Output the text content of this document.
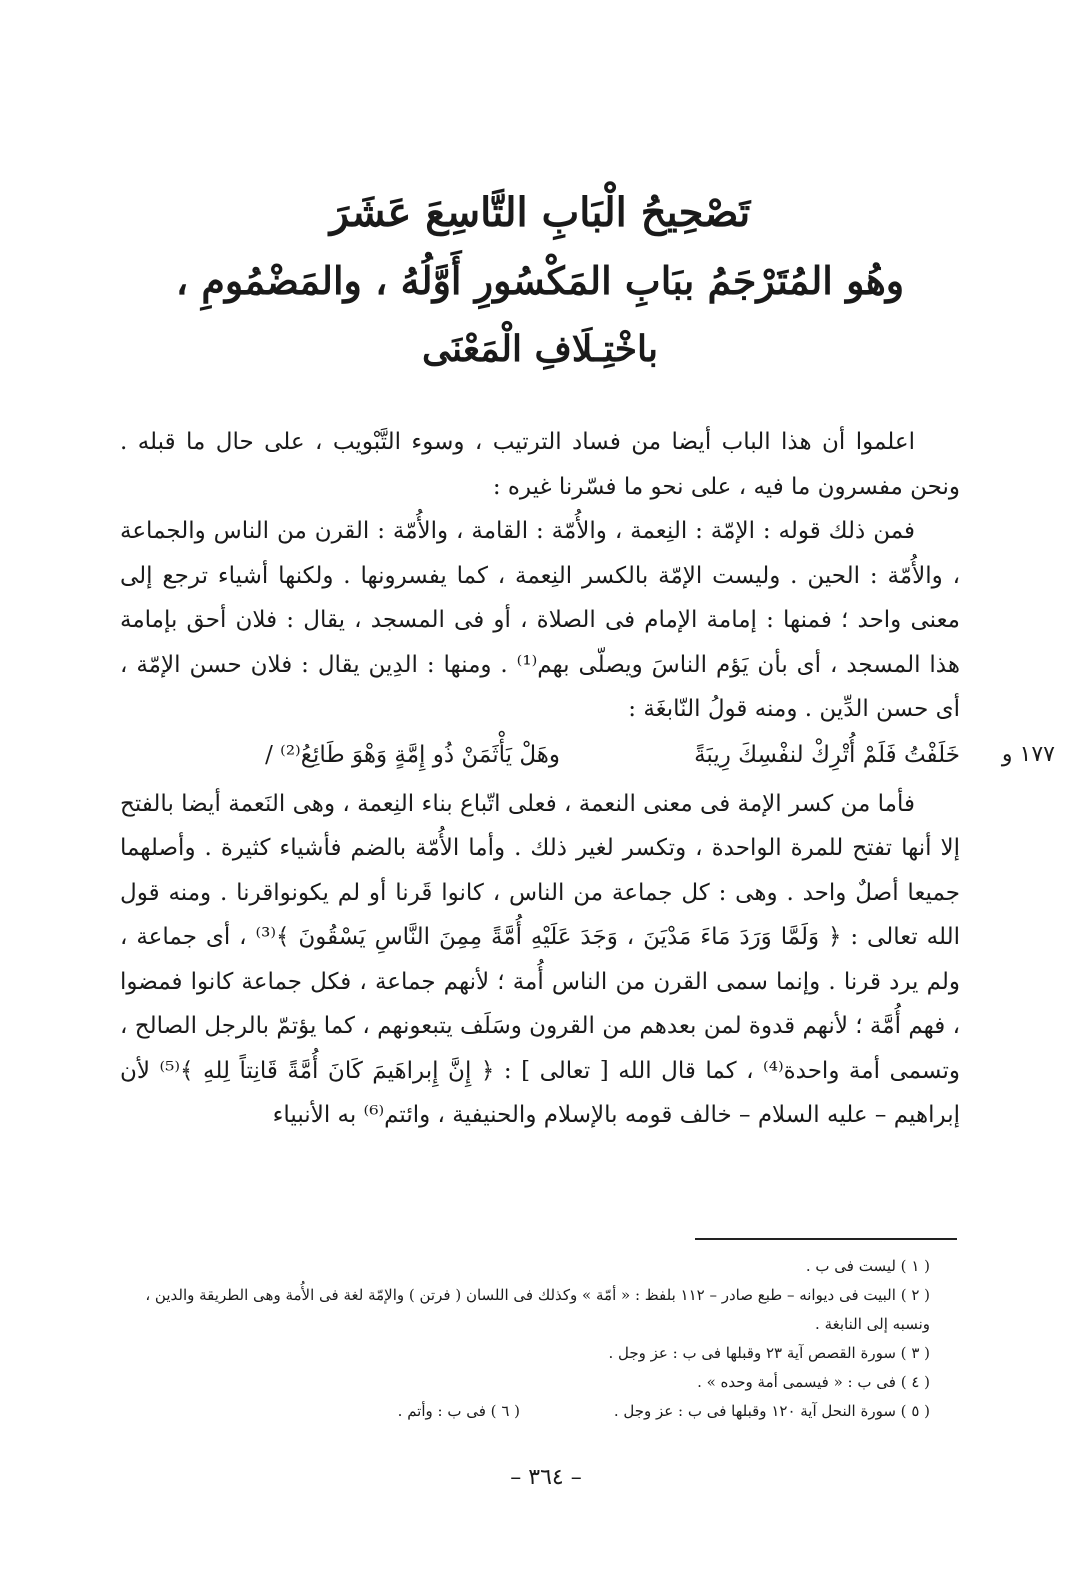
تَصْحِيحُ الْبَابِ التَّاسِعَ عَشَرَ

وهُو المُتَرْجَمُ ببَابِ المَكْسُورِ أَوَّلُهُ ، والمَضْمُومِ ،

باخْتِـلَافِ الْمَعْنَى

اعلموا أن هذا الباب أيضا من فساد الترتيب ، وسوء التَّبْويب ، على حال ما قبله . ونحن مفسرون ما فيه ، على نحو ما فسّرنا غيره :

فمن ذلك قوله : الإمّة : النِعمة ، والأُمّة : القامة ، والأُمّة : القرن من الناس والجماعة ، والأُمّة : الحين . وليست الإمّة بالكسر النِعمة ، كما يفسرونها . ولكنها أشياء ترجع إلى معنى واحد ؛ فمنها : إمامة الإمام فى الصلاة ، أو فى المسجد ، يقال : فلان أحق بإمامة هذا المسجد ، أى بأن يَؤم الناسَ ويصلّى بهم⁽¹⁾ . ومنها : الدِين يقال : فلان حسن الإمّة ، أى حسن الدِّين . ومنه قولُ النّابغَة :

خَلَفْتُ فَلَمْ أُتْرِكْ لنفْسِكَ رِيبَةً
وهَلْ يَأْثَمَنْ ذُو إِمَّةٍ وَهْوَ طَائِعُ⁽²⁾ /	١٧٧ و

فأما من كسر الإمة فى معنى النعمة ، فعلى اتّباع بناء النِعمة ، وهى النَعمة أيضا بالفتح إلا أنها تفتح للمرة الواحدة ، وتكسر لغير ذلك . وأما الأُمّة بالضم فأشياء كثيرة . وأصلهما جميعا أصلٌ واحد . وهى : كل جماعة من الناس ، كانوا قَرنا أو لم يكونواقرنا . ومنه قول الله تعالى : ﴿ وَلَمَّا وَرَدَ مَاءَ مَدْيَنَ ، وَجَدَ عَلَيْهِ أُمَّةً مِمِنَ النَّاسِ يَسْقُونَ ﴾⁽³⁾ ، أى جماعة ، ولم يرد قرنا . وإنما سمى القرن من الناس أُمة ؛ لأنهم جماعة ، فكل جماعة كانوا فمضوا ، فهم أُمَّة ؛ لأنهم قدوة لمن بعدهم من القرون وسَلَف يتبعونهم ، كما يؤتمّ بالرجل الصالح ، وتسمى أمة واحدة⁽⁴⁾ ، كما قال الله [ تعالى ] : ﴿ إِنَّ إِبراهَيمَ كَانَ أُمَّةً قَانِتاً لِلهِ ﴾⁽⁵⁾ لأن إبراهيم – عليه السلام – خالف قومه بالإسلام والحنيفية ، وائتم⁽⁶⁾ به الأنبياء

( ١ ) ليست فى ب .

( ٢ ) البيت فى ديوانه – طبع صادر – ١١٢ بلفظ : « أمّة » وكذلك فى اللسان ( فرتن ) والإمّة لغة فى الأُمة وهى الطريقة والدين ، ونسبه إلى النابغة .

( ٣ ) سورة القصص آية ٢٣ وقبلها فى ب : عز وجل .

( ٤ ) فى ب : « فيسمى أمة وحده » .

( ٥ ) سورة النحل آية ١٢٠ وقبلها فى ب : عز وجل .
( ٦ ) فى ب : وأتم .
– ٣٦٤ –
